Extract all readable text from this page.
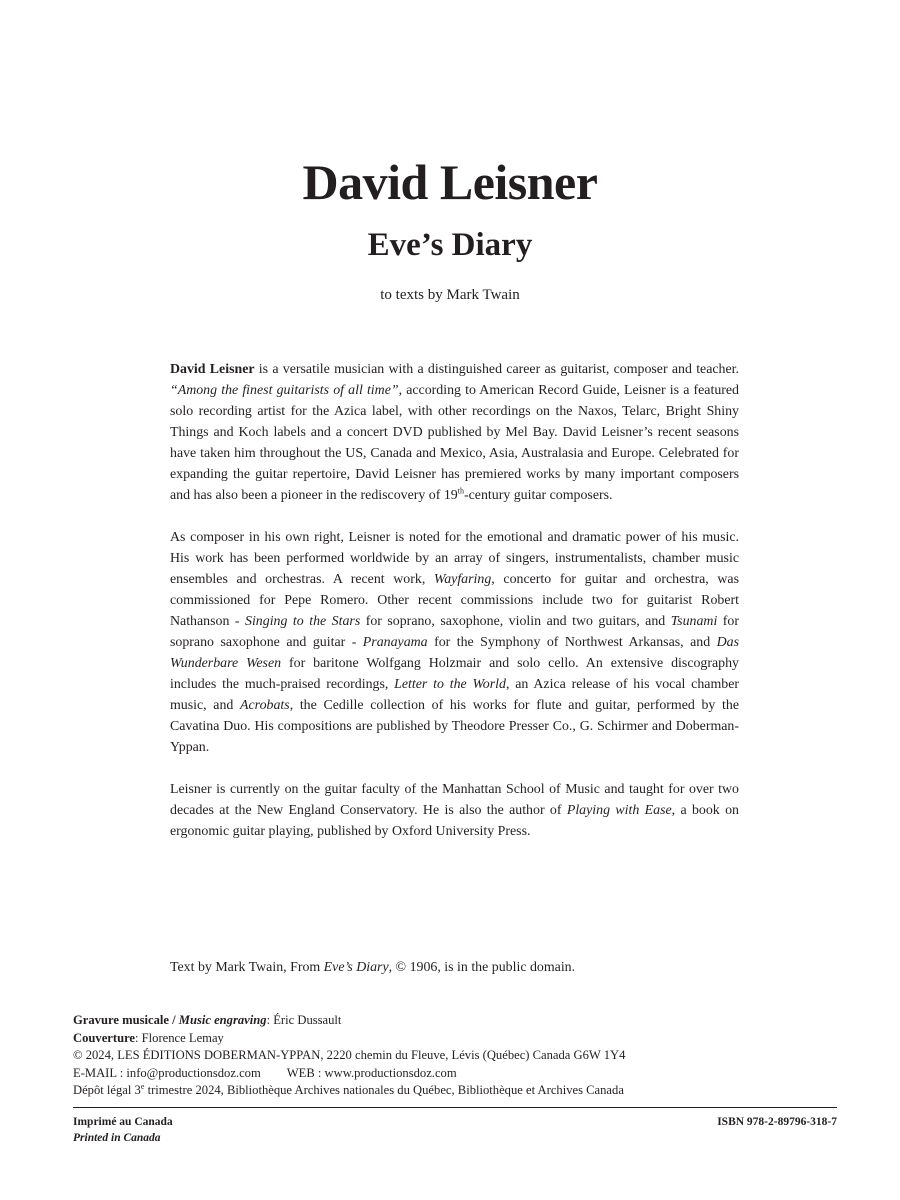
David Leisner
Eve’s Diary
to texts by Mark Twain

David Leisner is a versatile musician with a distinguished career as guitarist, composer and teacher. “Among the finest guitarists of all time”, according to American Record Guide, Leisner is a featured solo recording artist for the Azica label, with other recordings on the Naxos, Telarc, Bright Shiny Things and Koch labels and a concert DVD published by Mel Bay. David Leisner’s recent seasons have taken him throughout the US, Canada and Mexico, Asia, Australasia and Europe. Celebrated for expanding the guitar repertoire, David Leisner has premiered works by many important composers and has also been a pioneer in the rediscovery of 19th-century guitar composers.

As composer in his own right, Leisner is noted for the emotional and dramatic power of his music. His work has been performed worldwide by an array of singers, instrumentalists, chamber music ensembles and orchestras. A recent work, Wayfaring, concerto for guitar and orchestra, was commissioned for Pepe Romero. Other recent commissions include two for guitarist Robert Nathanson - Singing to the Stars for soprano, saxophone, violin and two guitars, and Tsunami for soprano saxophone and guitar - Pranayama for the Symphony of Northwest Arkansas, and Das Wunderbare Wesen for baritone Wolfgang Holzmair and solo cello. An extensive discography includes the much-praised recordings, Letter to the World, an Azica release of his vocal chamber music, and Acrobats, the Cedille collection of his works for flute and guitar, performed by the Cavatina Duo. His compositions are published by Theodore Presser Co., G. Schirmer and Doberman-Yppan.

Leisner is currently on the guitar faculty of the Manhattan School of Music and taught for over two decades at the New England Conservatory. He is also the author of Playing with Ease, a book on ergonomic guitar playing, published by Oxford University Press.

Text by Mark Twain, From Eve’s Diary, © 1906, is in the public domain.
Gravure musicale / Music engraving: Éric Dussault
Couverture: Florence Lemay
© 2024, LES ÉDITIONS DOBERMAN-YPPAN, 2220 chemin du Fleuve, Lévis (Québec) Canada G6W 1Y4
E-MAIL : info@productionsdoz.com WEB : www.productionsdoz.com
Dépôt légal 3e trimestre 2024, Bibliothèque Archives nationales du Québec, Bibliothèque et Archives Canada
Imprimé au Canada
Printed in Canada
ISBN 978-2-89796-318-7
